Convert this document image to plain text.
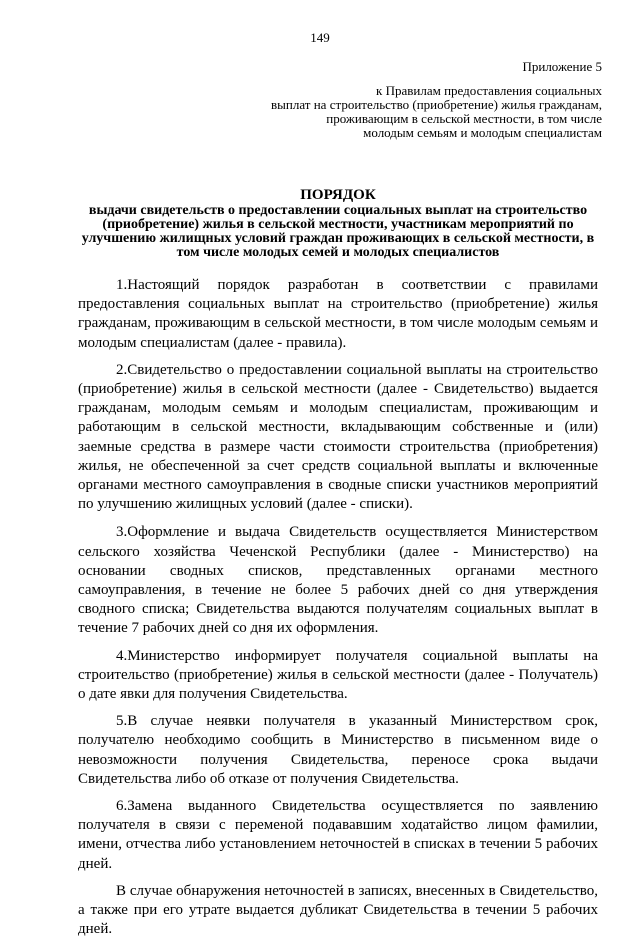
149
Приложение 5
к Правилам предоставления социальных
выплат на строительство (приобретение) жилья гражданам,
проживающим в сельской местности, в том числе
молодым семьям и молодым специалистам
ПОРЯДОК
выдачи свидетельств о предоставлении социальных выплат на строительство (приобретение) жилья в сельской местности, участникам мероприятий по улучшению жилищных условий граждан проживающих в сельской местности, в том числе молодых семей и молодых специалистов

1.Настоящий порядок разработан в соответствии с правилами предоставления социальных выплат на строительство (приобретение) жилья гражданам, проживающим в сельской местности, в том числе молодым семьям и молодым специалистам (далее - правила).

2.Свидетельство о предоставлении социальной выплаты на строительство (приобретение) жилья в сельской местности (далее - Свидетельство) выдается гражданам, молодым семьям и молодым специалистам, проживающим и работающим в сельской местности, вкладывающим собственные и (или) заемные средства в размере части стоимости строительства (приобретения) жилья, не обеспеченной за счет средств социальной выплаты и включенные органами местного самоуправления в сводные списки участников мероприятий по улучшению жилищных условий (далее - списки).

3.Оформление и выдача Свидетельств осуществляется Министерством сельского хозяйства Чеченской Республики (далее - Министерство) на основании сводных списков, представленных органами местного самоуправления, в течение не более 5 рабочих дней со дня утверждения сводного списка; Свидетельства выдаются получателям социальных выплат в течение 7 рабочих дней со дня их оформления.

4.Министерство информирует получателя социальной выплаты на строительство (приобретение) жилья в сельской местности (далее - Получатель) о дате явки для получения Свидетельства.

5.В случае неявки получателя в указанный Министерством срок, получателю необходимо сообщить в Министерство в письменном виде о невозможности получения Свидетельства, переносе срока выдачи Свидетельства либо об отказе от получения Свидетельства.

6.Замена выданного Свидетельства осуществляется по заявлению получателя в связи с переменой подававшим ходатайство лицом фамилии, имени, отчества либо установлением неточностей в списках в течении 5 рабочих дней.

В случае обнаружения неточностей в записях, внесенных в Свидетельство, а также при его утрате выдается дубликат Свидетельства в течении 5 рабочих дней.
